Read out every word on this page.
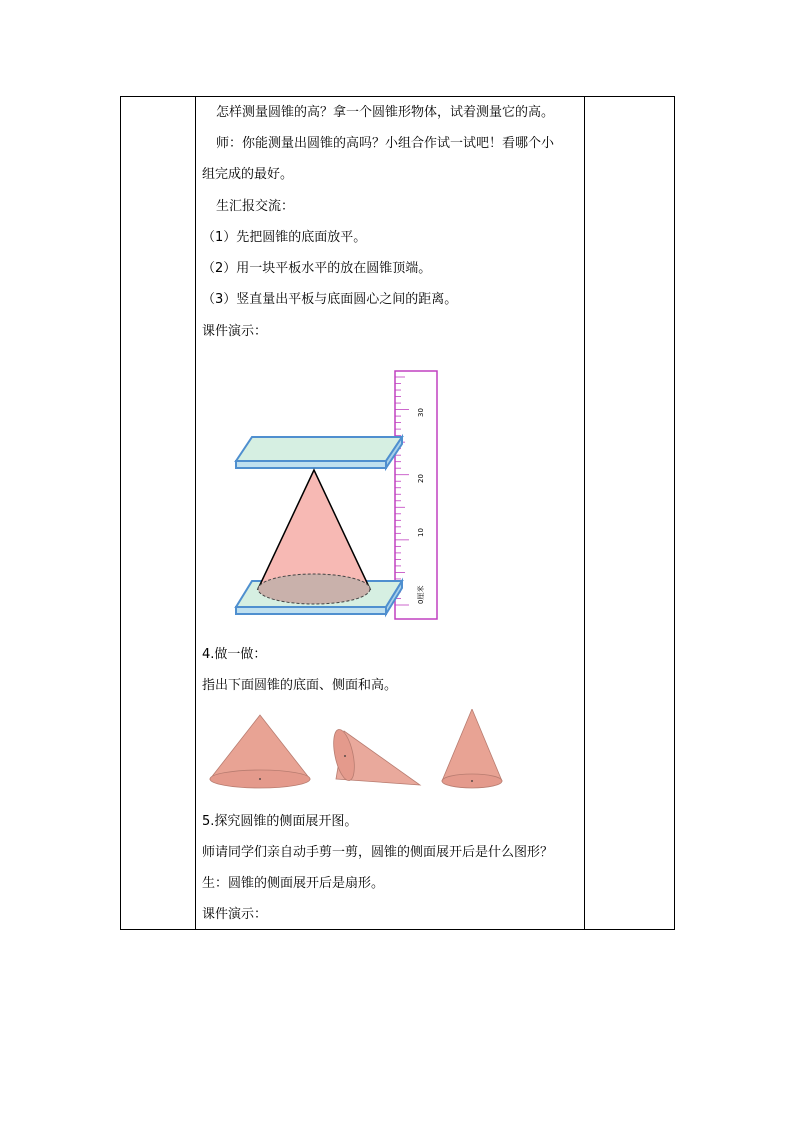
怎样测量圆锥的高？拿一个圆锥形物体，试着测量它的高。
师：你能测量出圆锥的高吗？小组合作试一试吧！看哪个小
组完成的最好。
生汇报交流：
（1）先把圆锥的底面放平。
（2）用一块平板水平的放在圆锥顶端。
（3）竖直量出平板与底面圆心之间的距离。
课件演示：
30
20
10
0厘米
4.做一做：
指出下面圆锥的底面、侧面和高。
5.探究圆锥的侧面展开图。
师请同学们亲自动手剪一剪，圆锥的侧面展开后是什么图形？
生：圆锥的侧面展开后是扇形。
课件演示：
